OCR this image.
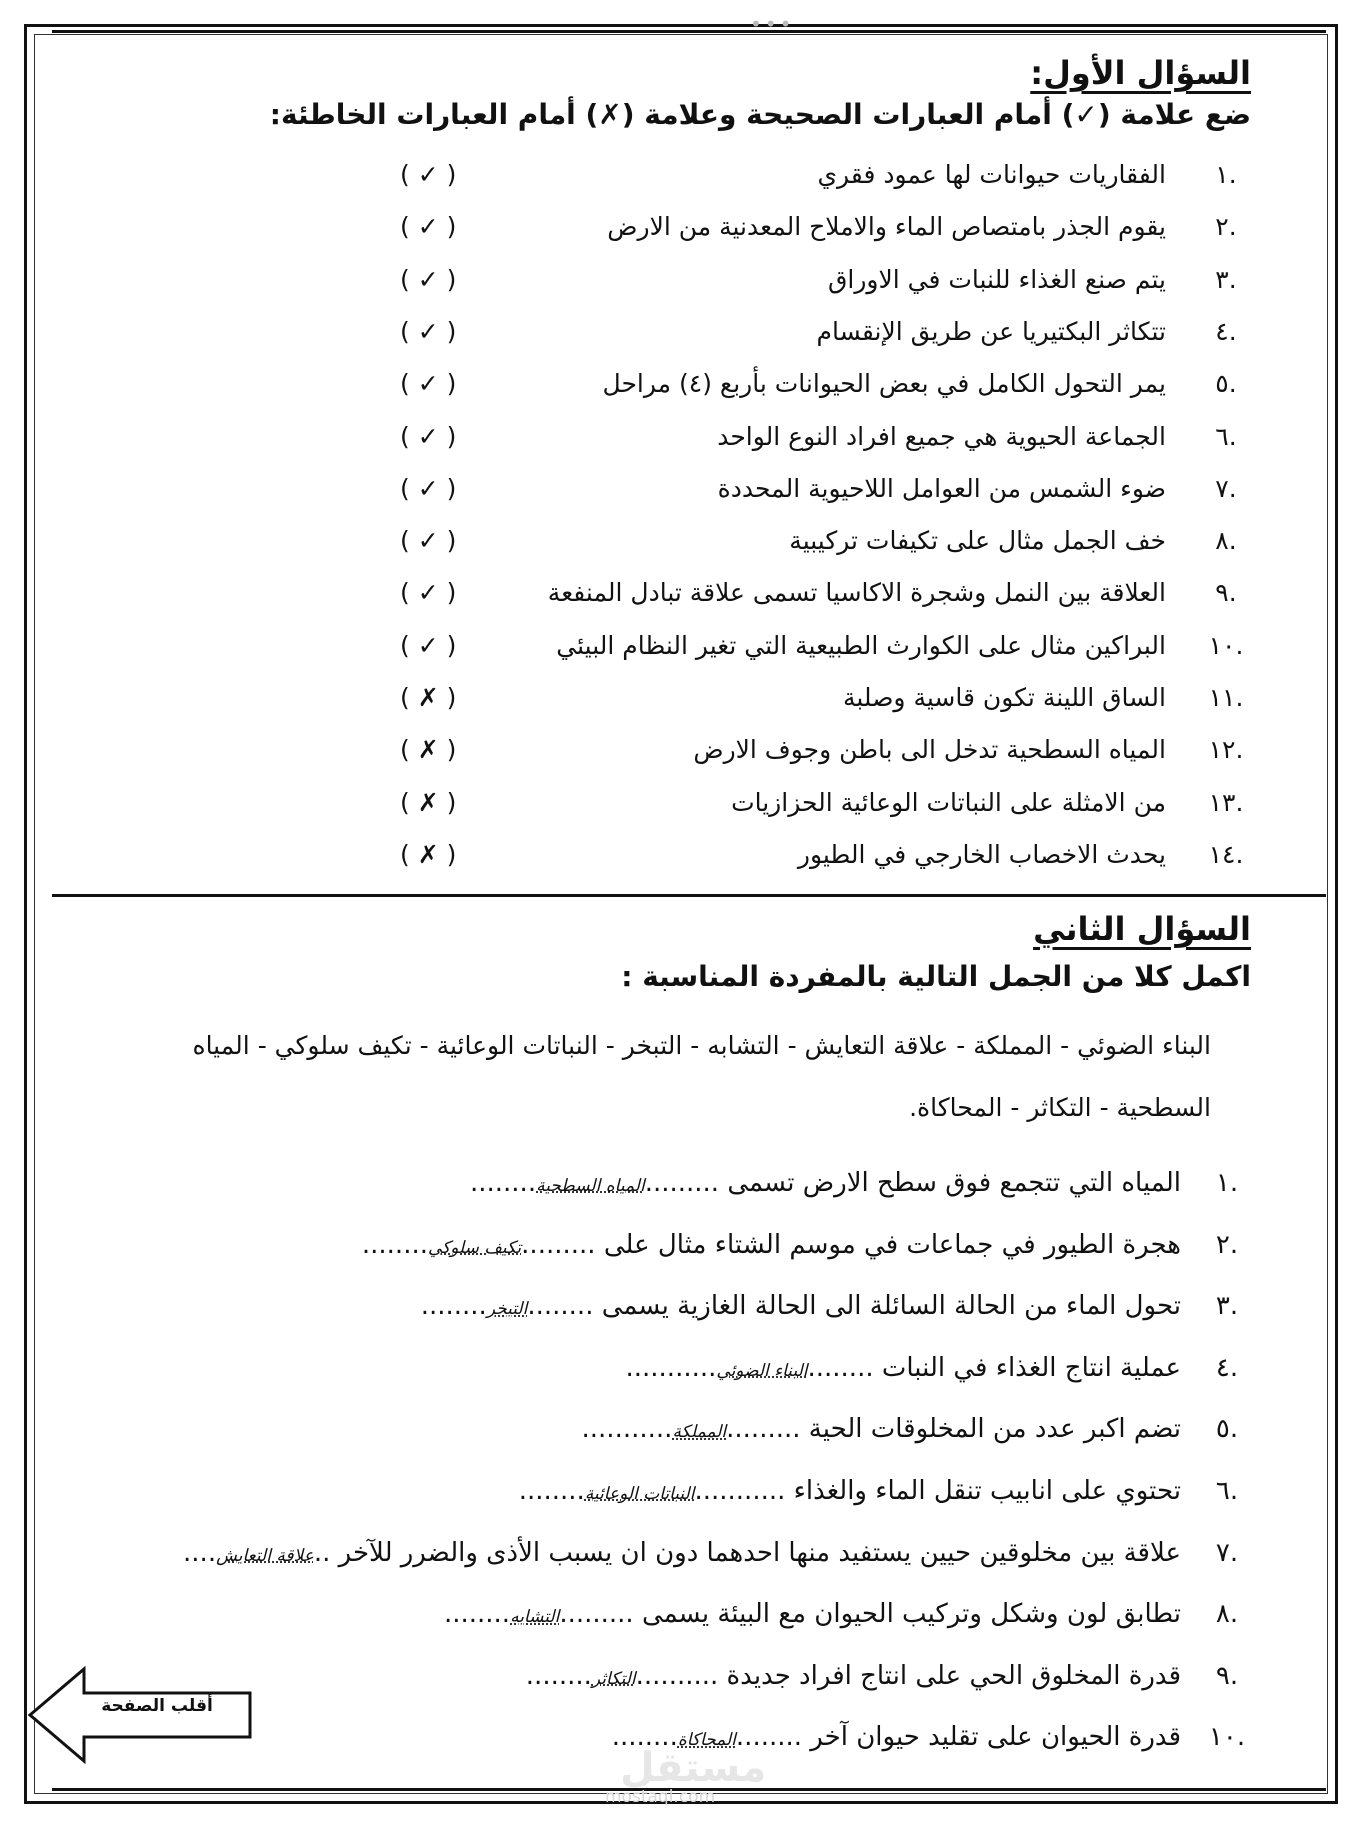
•••
السؤال الأول:
ضع علامة (✓) أمام العبارات الصحيحة وعلامة (✗) أمام العبارات الخاطئة:
.١
الفقاريات حيوانات لها عمود فقري
( ✓ )
.٢
يقوم الجذر بامتصاص الماء والاملاح المعدنية من الارض
( ✓ )
.٣
يتم صنع الغذاء للنبات في الاوراق
( ✓ )
.٤
تتكاثر البكتيريا عن طريق الإنقسام
( ✓ )
.٥
يمر التحول الكامل في بعض الحيوانات بأربع (٤) مراحل
( ✓ )
.٦
الجماعة الحيوية هي جميع افراد النوع الواحد
( ✓ )
.٧
ضوء الشمس من العوامل اللاحيوية المحددة
( ✓ )
.٨
خف الجمل مثال على تكيفات تركيبية
( ✓ )
.٩
العلاقة بين النمل وشجرة الاكاسيا تسمى علاقة تبادل المنفعة
( ✓ )
.١٠
البراكين مثال على الكوارث الطبيعية التي تغير النظام البيئي
( ✓ )
.١١
الساق اللينة تكون قاسية وصلبة
( ✗ )
.١٢
المياه السطحية تدخل الى باطن وجوف الارض
( ✗ )
.١٣
من الامثلة على النباتات الوعائية الحزازيات
( ✗ )
.١٤
يحدث الاخصاب الخارجي في الطيور
( ✗ )
السؤال الثاني
اكمل كلا من الجمل التالية بالمفردة المناسبة :
البناء الضوئي - المملكة - علاقة التعايش - التشابه - التبخر - النباتات الوعائية - تكيف سلوكي - المياه السطحية - التكاثر - المحاكاة.
.١المياه التي تتجمع فوق سطح الارض تسمى .........المياه السطحية........
.٢هجرة الطيور في جماعات في موسم الشتاء مثال على .........تكيف سلوكي........
.٣تحول الماء من الحالة السائلة الى الحالة الغازية يسمى ........التبخر........
.٤عملية انتاج الغذاء في النبات ........البناء الضوئي...........
.٥تضم اكبر عدد من المخلوقات الحية .........المملكة...........
.٦تحتوي على انابيب تنقل الماء والغذاء ...........النباتات الوعائية........
.٧علاقة بين مخلوقين حيين يستفيد منها احدهما دون ان يسبب الأذى والضرر للآخر ..علاقة التعايش....
.٨تطابق لون وشكل وتركيب الحيوان مع البيئة يسمى .........التشابه........
.٩قدرة المخلوق الحي على انتاج افراد جديدة ..........التكاثر........
.١٠قدرة الحيوان على تقليد حيوان آخر ........المحاكاة........
أقلب الصفحة
مستقل
mostaql.com
